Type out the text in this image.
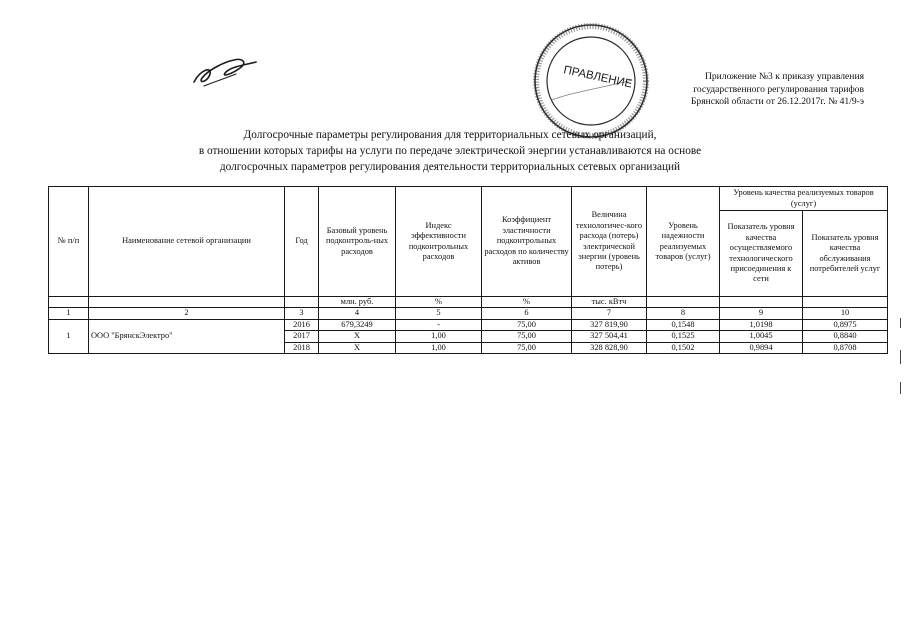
ПРАВЛЕНИЕ	Приложение №3 к приказу управления
государственного регулирования тарифов
Брянской области от 26.12.2017г. № 41/9-э
Долгосрочные параметры регулирования для территориальных сетевых организаций,
в отношении которых тарифы на услуги по передаче электрической энергии устанавливаются на основе
долгосрочных параметров регулирования деятельности территориальных сетевых организаций
№ п/п	Наименование сетевой организации	Год	Базовый уровень подконтроль-ных расходов	Индекс эффективности подконтрольных расходов	Коэффициент эластичности подконтрольных расходов по количеству активов	Величина технологичес-кого расхода (потерь) электрической энергии (уровень потерь)	Уровень надежности реализуемых товаров (услуг)	Уровень качества реализуемых товаров (услуг)	
								Показатель уровня качества осуществляемого технологического присоединения к сети	Показатель уровня качества обслуживания потребителей услуг
			млн. руб.	%	%	тыс. кВтч			
1	2	3	4	5	6	7	8	9	10
1	ООО "БрянскЭлектро"	2016	679,3249	-	75,00	327 819,90	0,1548	1,0198	0,8975
		2017	Х	1,00	75,00	327 504,41	0,1525	1,0045	0,8840
		2018	Х	1,00	75,00	328 828,90	0,1502	0,9894	0,8708
